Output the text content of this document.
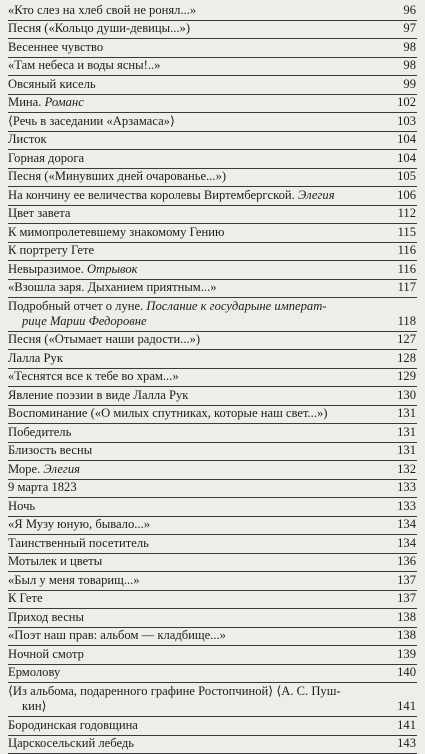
«Кто слез на хлеб свой не ронял...»	96
Песня («Кольцо души-девицы...»)	97
Весеннее чувство	98
«Там небеса и воды ясны!..»	98
Овсяный кисель	99
Мина. Романс	102
⟨Речь в заседании «Арзамаса»⟩	103
Листок	104
Горная дорога	104
Песня («Минувших дней очарованье...»)	105
На кончину ее величества королевы Виртембергской. Элегия	106
Цвет завета	112
К мимопролетевшему знакомому Гению	115
К портрету Гете	116
Невыразимое. Отрывок	116
«Взошла заря. Дыханием приятным...»	117
Подробный отчет о луне. Послание к государыне императ-
рице Марии Федоровне	118
Песня («Отымает наши радости...»)	127
Лалла Рук	128
«Теснятся все к тебе во храм...»	129
Явление поэзии в виде Лалла Рук	130
Воспоминание («О милых спутниках, которые наш свет...»)	131
Победитель	131
Близость весны	131
Море. Элегия	132
9 марта 1823	133
Ночь	133
«Я Музу юную, бывало...»	134
Таинственный посетитель	134
Мотылек и цветы	136
«Был у меня товарищ...»	137
К Гете	137
Приход весны	138
«Поэт наш прав: альбом — кладбище...»	138
Ночной смотр	139
Ермолову	140
⟨Из альбома, подаренного графине Ростопчиной⟩ ⟨А. С. Пуш-
кин⟩	141
Бородинская годовщина	141
Царскосельский лебедь	143
